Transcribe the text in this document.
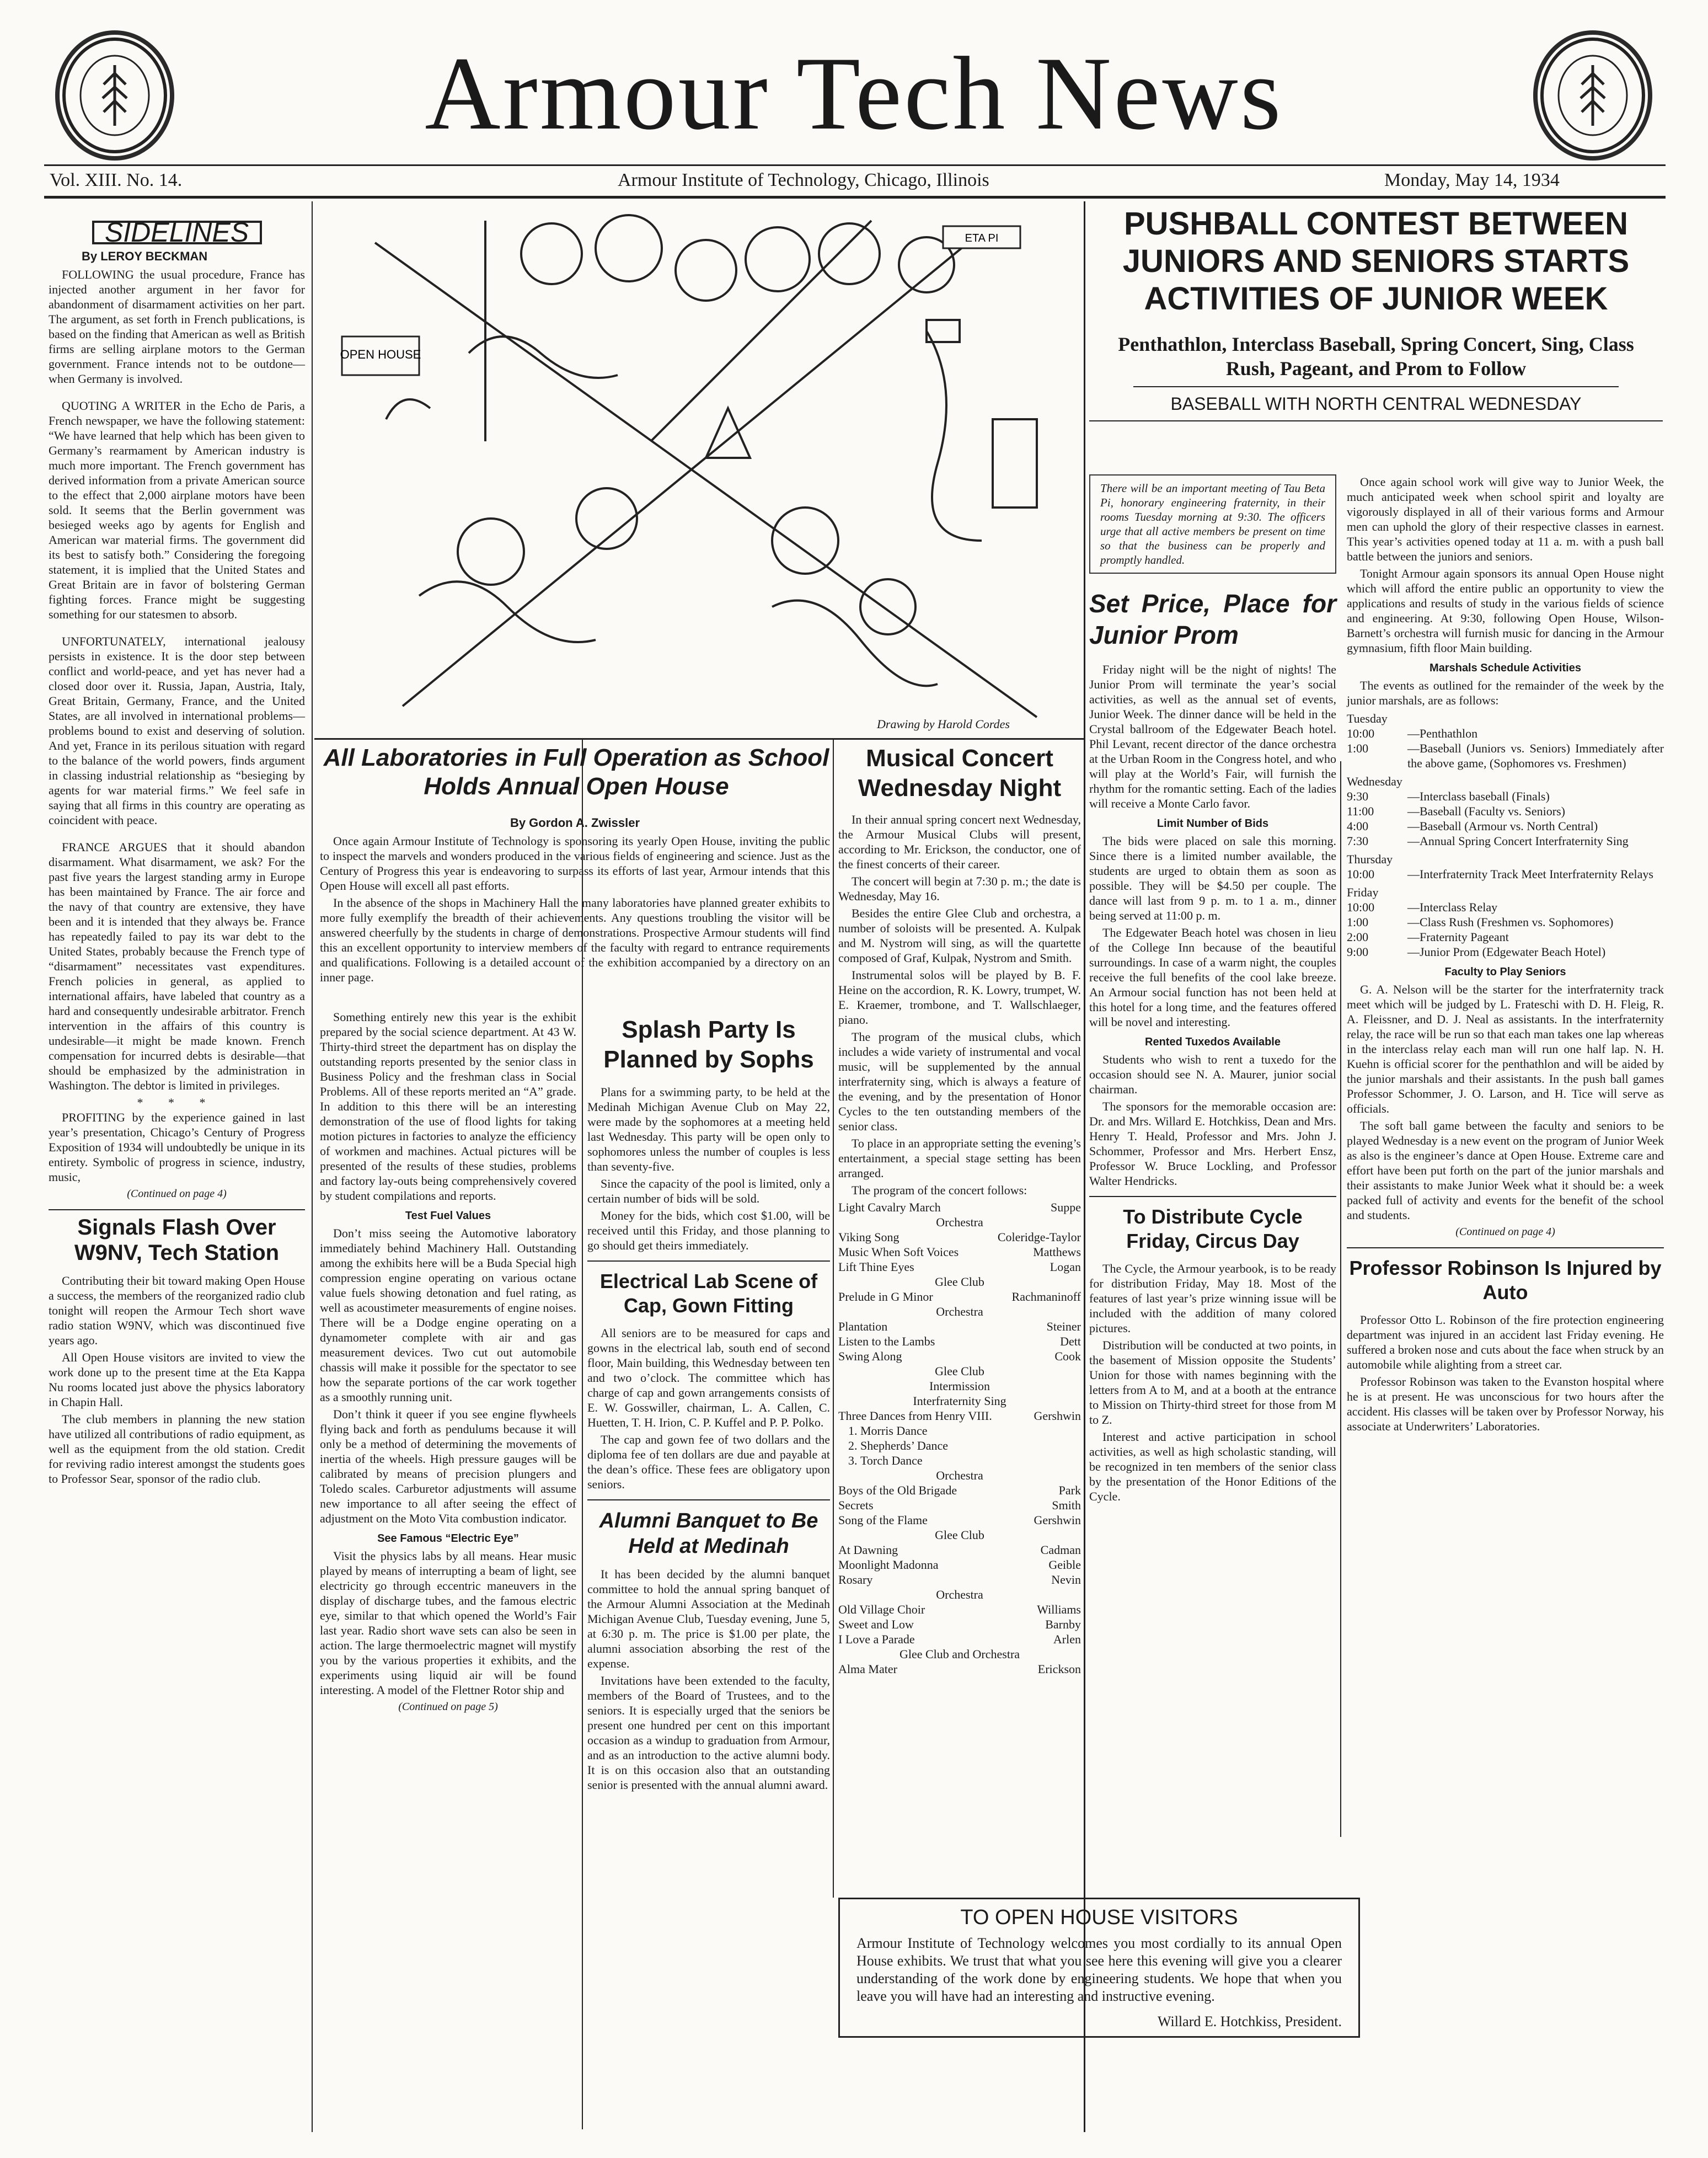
Armour Tech News
Vol. XIII. No. 14.	Armour Institute of Technology, Chicago, Illinois	Monday, May 14, 1934
SIDELINES
By LEROY BECKMAN

FOLLOWING the usual procedure, France has injected another argument in her favor for abandonment of disarmament activities on her part. The argument, as set forth in French publications, is based on the finding that American as well as British firms are selling airplane motors to the German government. France intends not to be outdone—when Germany is involved.

QUOTING A WRITER in the Echo de Paris, a French newspaper, we have the following statement: “We have learned that help which has been given to Germany’s rearmament by American industry is much more important. The French government has derived information from a private American source to the effect that 2,000 airplane motors have been sold. It seems that the Berlin government was besieged weeks ago by agents for English and American war material firms. The government did its best to satisfy both.” Considering the foregoing statement, it is implied that the United States and Great Britain are in favor of bolstering German fighting forces. France might be suggesting something for our statesmen to absorb.

UNFORTUNATELY, international jealousy persists in existence. It is the door step between conflict and world-peace, and yet has never had a closed door over it. Russia, Japan, Austria, Italy, Great Britain, Germany, France, and the United States, are all involved in international problems—problems bound to exist and deserving of solution. And yet, France in its perilous situation with regard to the balance of the world powers, finds argument in classing industrial relationship as “besieging by agents for war material firms.” We feel safe in saying that all firms in this country are operating as coincident with peace.

FRANCE ARGUES that it should abandon disarmament. What disarmament, we ask? For the past five years the largest standing army in Europe has been maintained by France. The air force and the navy of that country are extensive, they have been and it is intended that they always be. France has repeatedly failed to pay its war debt to the United States, probably because the French type of “disarmament” necessitates vast expenditures. French policies in general, as applied to international affairs, have labeled that country as a hard and consequently undesirable arbitrator. French intervention in the affairs of this country is undesirable—it might be made known. French compensation for incurred debts is desirable—that should be emphasized by the administration in Washington. The debtor is limited in privileges.

* * *

PROFITING by the experience gained in last year’s presentation, Chicago’s Century of Progress Exposition of 1934 will undoubtedly be unique in its entirety. Symbolic of progress in science, industry, music,

(Continued on page 4)
Signals Flash Over W9NV, Tech Station

Contributing their bit toward making Open House a success, the members of the reorganized radio club tonight will reopen the Armour Tech short wave radio station W9NV, which was discontinued five years ago.

All Open House visitors are invited to view the work done up to the present time at the Eta Kappa Nu rooms located just above the physics laboratory in Chapin Hall.

The club members in planning the new station have utilized all contributions of radio equipment, as well as the equipment from the old station. Credit for reviving radio interest amongst the students goes to Professor Sear, sponsor of the radio club.

OPEN HOUSE
ETA PI
Drawing by Harold Cordes
All Laboratories in Full Operation as School Holds Annual Open House
By Gordon A. Zwissler

Once again Armour Institute of Technology is sponsoring its yearly Open House, inviting the public to inspect the marvels and wonders produced in the various fields of engineering and science. Just as the Century of Progress this year is endeavoring to surpass its efforts of last year, Armour intends that this Open House will excell all past efforts.

In the absence of the shops in Machinery Hall the many laboratories have planned greater exhibits to more fully exemplify the breadth of their achievements. Any questions troubling the visitor will be answered cheerfully by the students in charge of demonstrations. Prospective Armour students will find this an excellent opportunity to interview members of the faculty with regard to entrance requirements and qualifications. Following is a detailed account of the exhibition accompanied by a directory on an inner page.

Something entirely new this year is the exhibit prepared by the social science department. At 43 W. Thirty-third street the department has on display the outstanding reports presented by the senior class in Business Policy and the freshman class in Social Problems. All of these reports merited an “A” grade. In addition to this there will be an interesting demonstration of the use of flood lights for taking motion pictures in factories to analyze the efficiency of workmen and machines. Actual pictures will be presented of the results of these studies, problems and factory lay-outs being comprehensively covered by student compilations and reports.

Test Fuel Values

Don’t miss seeing the Automotive laboratory immediately behind Machinery Hall. Outstanding among the exhibits here will be a Buda Special high compression engine operating on various octane value fuels showing detonation and fuel rating, as well as acoustimeter measurements of engine noises. There will be a Dodge engine operating on a dynamometer complete with air and gas measurement devices. Two cut out automobile chassis will make it possible for the spectator to see how the separate portions of the car work together as a smoothly running unit.

Don’t think it queer if you see engine flywheels flying back and forth as pendulums because it will only be a method of determining the movements of inertia of the wheels. High pressure gauges will be calibrated by means of precision plungers and Toledo scales. Carburetor adjustments will assume new importance to all after seeing the effect of adjustment on the Moto Vita combustion indicator.

See Famous “Electric Eye”

Visit the physics labs by all means. Hear music played by means of interrupting a beam of light, see electricity go through eccentric maneuvers in the display of discharge tubes, and the famous electric eye, similar to that which opened the World’s Fair last year. Radio short wave sets can also be seen in action. The large thermoelectric magnet will mystify you by the various properties it exhibits, and the experiments using liquid air will be found interesting. A model of the Flettner Rotor ship and

(Continued on page 5)
Splash Party Is Planned by Sophs

Plans for a swimming party, to be held at the Medinah Michigan Avenue Club on May 22, were made by the sophomores at a meeting held last Wednesday. This party will be open only to sophomores unless the number of couples is less than seventy-five.

Since the capacity of the pool is limited, only a certain number of bids will be sold.

Money for the bids, which cost $1.00, will be received until this Friday, and those planning to go should get theirs immediately.

Electrical Lab Scene of Cap, Gown Fitting

All seniors are to be measured for caps and gowns in the electrical lab, south end of second floor, Main building, this Wednesday between ten and two o’clock. The committee which has charge of cap and gown arrangements consists of E. W. Gosswiller, chairman, L. A. Callen, C. Huetten, T. H. Irion, C. P. Kuffel and P. P. Polko.

The cap and gown fee of two dollars and the diploma fee of ten dollars are due and payable at the dean’s office. These fees are obligatory upon seniors.

Alumni Banquet to Be Held at Medinah

It has been decided by the alumni banquet committee to hold the annual spring banquet of the Armour Alumni Association at the Medinah Michigan Avenue Club, Tuesday evening, June 5, at 6:30 p. m. The price is $1.00 per plate, the alumni association absorbing the rest of the expense.

Invitations have been extended to the faculty, members of the Board of Trustees, and to the seniors. It is especially urged that the seniors be present one hundred per cent on this important occasion as a windup to graduation from Armour, and as an introduction to the active alumni body. It is on this occasion also that an outstanding senior is presented with the annual alumni award.

Musical Concert Wednesday Night

In their annual spring concert next Wednesday, the Armour Musical Clubs will present, according to Mr. Erickson, the conductor, one of the finest concerts of their career.

The concert will begin at 7:30 p. m.; the date is Wednesday, May 16.

Besides the entire Glee Club and orchestra, a number of soloists will be presented. A. Kulpak and M. Nystrom will sing, as will the quartette composed of Graf, Kulpak, Nystrom and Smith.

Instrumental solos will be played by B. F. Heine on the accordion, R. K. Lowry, trumpet, W. E. Kraemer, trombone, and T. Wallschlaeger, piano.

The program of the musical clubs, which includes a wide variety of instrumental and vocal music, will be supplemented by the annual interfraternity sing, which is always a feature of the evening, and by the presentation of Honor Cycles to the ten outstanding members of the senior class.

To place in an appropriate setting the evening’s entertainment, a special stage setting has been arranged.

The program of the concert follows:

Light Cavalry March	Suppe
Orchestra
Viking Song	Coleridge-Taylor
Music When Soft Voices	Matthews
Lift Thine Eyes	Logan
Glee Club
Prelude in G Minor	Rachmaninoff
Orchestra
Plantation	Steiner
Listen to the Lambs	Dett
Swing Along	Cook
Glee Club
Intermission
Interfraternity Sing
Three Dances from Henry VIII.	Gershwin
1. Morris Dance
2. Shepherds’ Dance
3. Torch Dance
Orchestra
Boys of the Old Brigade	Park
Secrets	Smith
Song of the Flame	Gershwin
Glee Club
At Dawning	Cadman
Moonlight Madonna	Geible
Rosary	Nevin
Orchestra
Old Village Choir	Williams
Sweet and Low	Barnby
I Love a Parade	Arlen
Glee Club and Orchestra
Alma Mater	Erickson
TO OPEN HOUSE VISITORS
Armour Institute of Technology welcomes you most cordially to its annual Open House exhibits. We trust that what you see here this evening will give you a clearer understanding of the work done by engineering students. We hope that when you leave you will have had an interesting and instructive evening.
Willard E. Hotchkiss, President.
PUSHBALL CONTEST BETWEEN JUNIORS AND SENIORS STARTS ACTIVITIES OF JUNIOR WEEK
Penthathlon, Interclass Baseball, Spring Concert, Sing, Class Rush, Pageant, and Prom to Follow
BASEBALL WITH NORTH CENTRAL WEDNESDAY
There will be an important meeting of Tau Beta Pi, honorary engineering fraternity, in their rooms Tuesday morning at 9:30. The officers urge that all active members be present on time so that the business can be properly and promptly handled.
Set Price, Place for Junior Prom

Friday night will be the night of nights! The Junior Prom will terminate the year’s social activities, as well as the annual set of events, Junior Week. The dinner dance will be held in the Crystal ballroom of the Edgewater Beach hotel. Phil Levant, recent director of the dance orchestra at the Urban Room in the Congress hotel, and who will play at the World’s Fair, will furnish the rhythm for the romantic setting. Each of the ladies will receive a Monte Carlo favor.

Limit Number of Bids

The bids were placed on sale this morning. Since there is a limited number available, the students are urged to obtain them as soon as possible. They will be $4.50 per couple. The dance will last from 9 p. m. to 1 a. m., dinner being served at 11:00 p. m.

The Edgewater Beach hotel was chosen in lieu of the College Inn because of the beautiful surroundings. In case of a warm night, the couples receive the full benefits of the cool lake breeze. An Armour social function has not been held at this hotel for a long time, and the features offered will be novel and interesting.

Rented Tuxedos Available

Students who wish to rent a tuxedo for the occasion should see N. A. Maurer, junior social chairman.

The sponsors for the memorable occasion are: Dr. and Mrs. Willard E. Hotchkiss, Dean and Mrs. Henry T. Heald, Professor and Mrs. John J. Schommer, Professor and Mrs. Herbert Ensz, Professor W. Bruce Lockling, and Professor Walter Hendricks.

To Distribute Cycle Friday, Circus Day

The Cycle, the Armour yearbook, is to be ready for distribution Friday, May 18. Most of the features of last year’s prize winning issue will be included with the addition of many colored pictures.

Distribution will be conducted at two points, in the basement of Mission opposite the Students’ Union for those with names beginning with the letters from A to M, and at a booth at the entrance to Mission on Thirty-third street for those from M to Z.

Interest and active participation in school activities, as well as high scholastic standing, will be recognized in ten members of the senior class by the presentation of the Honor Editions of the Cycle.

Once again school work will give way to Junior Week, the much anticipated week when school spirit and loyalty are vigorously displayed in all of their various forms and Armour men can uphold the glory of their respective classes in earnest. This year’s activities opened today at 11 a. m. with a push ball battle between the juniors and seniors.

Tonight Armour again sponsors its annual Open House night which will afford the entire public an opportunity to view the applications and results of study in the various fields of science and engineering. At 9:30, following Open House, Wilson-Barnett’s orchestra will furnish music for dancing in the Armour gymnasium, fifth floor Main building.

Marshals Schedule Activities

The events as outlined for the remainder of the week by the junior marshals, are as follows:

Tuesday
10:00	—Penthathlon
1:00	—Baseball (Juniors vs. Seniors) Immediately after the above game, (Sophomores vs. Freshmen)
Wednesday
9:30	—Interclass baseball (Finals)
11:00	—Baseball (Faculty vs. Seniors)
4:00	—Baseball (Armour vs. North Central)
7:30	—Annual Spring Concert Interfraternity Sing
Thursday
10:00	—Interfraternity Track Meet Interfraternity Relays
Friday
10:00	—Interclass Relay
1:00	—Class Rush (Freshmen vs. Sophomores)
2:00	—Fraternity Pageant
9:00	—Junior Prom (Edgewater Beach Hotel)
Faculty to Play Seniors

G. A. Nelson will be the starter for the interfraternity track meet which will be judged by L. Frateschi with D. H. Fleig, R. A. Fleissner, and D. J. Neal as assistants. In the interfraternity relay, the race will be run so that each man takes one lap whereas in the interclass relay each man will run one half lap. N. H. Kuehn is official scorer for the penthathlon and will be aided by the junior marshals and their assistants. In the push ball games Professor Schommer, J. O. Larson, and H. Tice will serve as officials.

The soft ball game between the faculty and seniors to be played Wednesday is a new event on the program of Junior Week as also is the engineer’s dance at Open House. Extreme care and effort have been put forth on the part of the junior marshals and their assistants to make Junior Week what it should be: a week packed full of activity and events for the benefit of the school and students.

(Continued on page 4)
Professor Robinson Is Injured by Auto

Professor Otto L. Robinson of the fire protection engineering department was injured in an accident last Friday evening. He suffered a broken nose and cuts about the face when struck by an automobile while alighting from a street car.

Professor Robinson was taken to the Evanston hospital where he is at present. He was unconscious for two hours after the accident. His classes will be taken over by Professor Norway, his associate at Underwriters’ Laboratories.
